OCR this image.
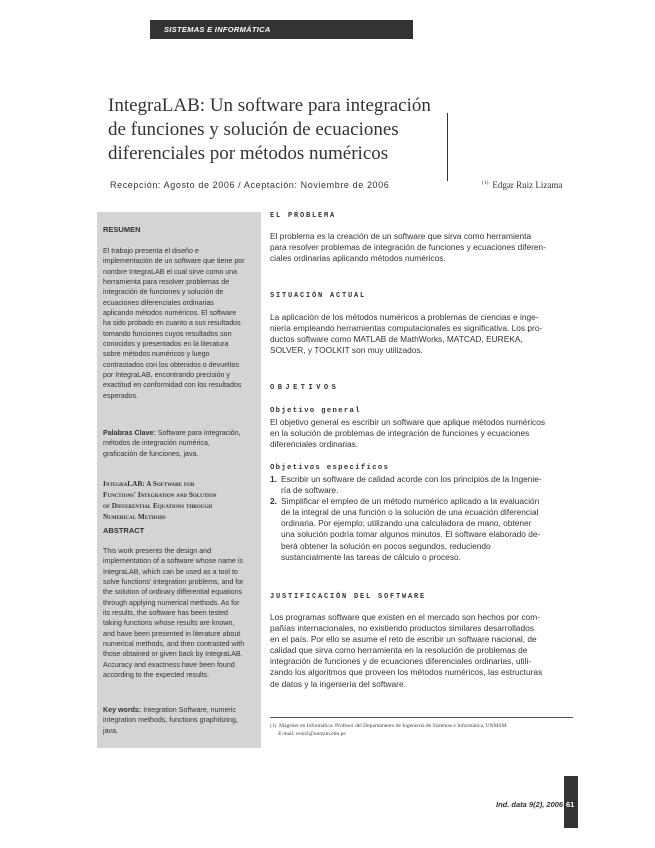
SISTEMAS E INFORMÁTICA
IntegraLAB: Un software para integración
de funciones y solución de ecuaciones
diferenciales por métodos numéricos
Recepción: Agosto de 2006 / Aceptación: Noviembre de 2006	$^{(1)}$ Edgar Ruiz Lizama
RESUMEN
El trabajo presenta el diseño e
implementación de un software que tiene por
nombre IntegraLAB el cual sirve como una
herramienta para resolver problemas de
integración de funciones y solución de
ecuaciones diferenciales ordinarias
aplicando métodos numéricos. El software
ha sido probado en cuanto a sus resultados
tomando funciones cuyos resultados son
conocidos y presentados en la literatura
sobre métodos numéricos y luego
contrastados con los obtenidos o devueltos
por IntegraLAB, encontrando precisión y
exactitud en conformidad con los resultados
esperados.
Palabras Clave: Software para integración,
métodos de integración numérica,
graficación de funciones, java.
IntegraLAB: A Software for
Functions' Integration and Solution
of Differential Equations through
Numerical Methods
ABSTRACT
This work presents the design and
implementation of a software whose name is
IntegraLAB, which can be used as a tool to
solve functions' integration problems, and for
the solution of ordinary differential equations
through applying numerical methods. As for
its results, the software has been tested
taking functions whose results are known,
and have been presented in literature about
numerical methods, and then contrasted with
those obtained or given back by IntegraLAB.
Accuracy and exactness have been found
according to the expected results.
Key words: Integration Software, numeric
integration methods, functions graphitizing,
java.
EL PROBLEMA
El problema es la creación de un software que sirva como herramienta
para resolver problemas de integración de funciones y ecuaciones diferen-
ciales ordinarias aplicando métodos numéricos.
SITUACIÓN ACTUAL
La aplicación de los métodos numéricos a problemas de ciencias e inge-
niería empleando herramientas computacionales es significativa. Los pro-
ductos software como MATLAB de MathWorks, MATCAD, EUREKA,
SOLVER, y TOOLKIT son muy utilizados.
OBJETIVOS
Objetivo general
El objetivo general es escribir un software que aplique métodos numéricos
en la solución de problemas de integración de funciones y ecuaciones
diferenciales ordinarias.
Objetivos específicos
1. Escribir un software de calidad acorde con los principios de la Ingenie-
ría de software.
2. Simplificar el empleo de un método numérico aplicado a la evaluación
de la integral de una función o la solución de una ecuación diferencial
ordinaria. Por ejemplo; utilizando una calculadora de mano, obtener
una solución podría tomar algunos minutos. El software elaborado de-
berá obtener la solución en pocos segundos, reduciendo
sustancialmente las tareas de cálculo o proceso.
JUSTIFICACIÓN DEL SOFTWARE
Los programas software que existen en el mercado son hechos por com-
pañías internacionales, no existiendo productos similares desarrollados
en el país. Por ello se asume el reto de escribir un software nacional, de
calidad que sirva como herramienta en la resolución de problemas de
integración de funciones y de ecuaciones diferenciales ordinarias, utili-
zando los algoritmos que proveen los métodos numéricos, las estructuras
de datos y la ingeniería del software.
(1)  Magíster en Informática. Profesor del Departamento de Ingeniería de Sistemas e Informática, UNMSM.
E-mail: eruizl@unmsm.edu.pe
Ind. data 9(2), 2006 61
